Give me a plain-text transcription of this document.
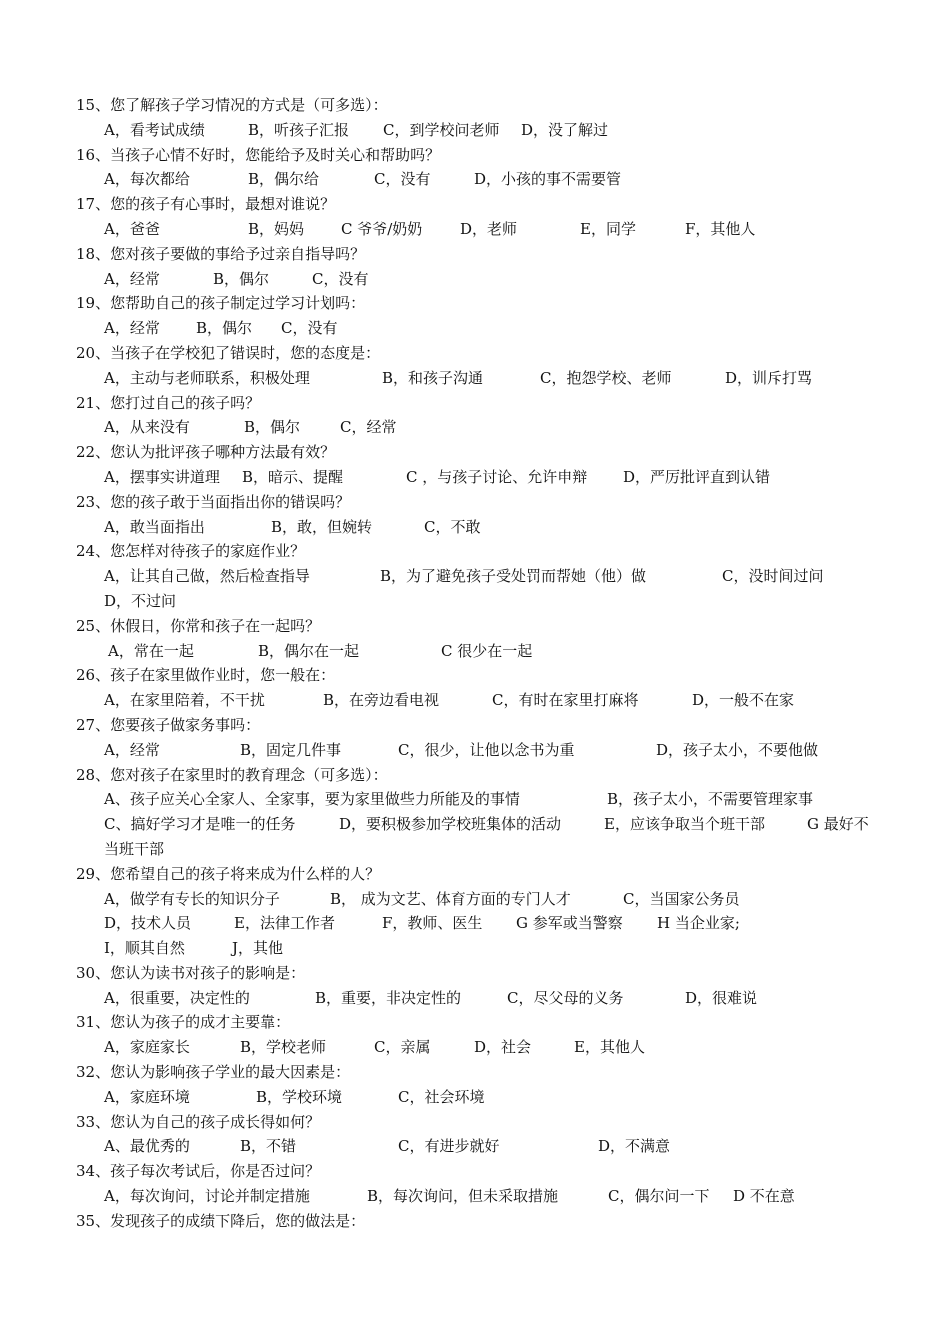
15、您了解孩子学习情况的方式是（可多选）：
A，看考试成绩	B，听孩子汇报 C，到学校问老师 D，没了解过
16、当孩子心情不好时，您能给予及时关心和帮助吗？
A，每次都给	B，偶尔给	C，没有	D，小孩的事不需要管
17、您的孩子有心事时，最想对谁说？
A，爸爸	B，妈妈 C 爷爷/奶奶	D，老师	E，同学	F，其他人
18、您对孩子要做的事给予过亲自指导吗？
A，经常	B，偶尔	C，没有
19、您帮助自己的孩子制定过学习计划吗：
A，经常 B，偶尔 C，没有
20、当孩子在学校犯了错误时，您的态度是：
A，主动与老师联系，积极处理	B，和孩子沟通	C，抱怨学校、老师	D，训斥打骂
21、您打过自己的孩子吗？
A，从来没有	B，偶尔	C，经常
22、您认为批评孩子哪种方法最有效？
A，摆事实讲道理 B，暗示、提醒	C ，与孩子讨论、允许申辩 D，严厉批评直到认错
23、您的孩子敢于当面指出你的错误吗？
A，敢当面指出	B，敢，但婉转	C，不敢
24、您怎样对待孩子的家庭作业？
A，让其自己做，然后检查指导	B，为了避免孩子受处罚而帮她（他）做	C，没时间过问
D，不过问
25、休假日，你常和孩子在一起吗？
A，常在一起	B，偶尔在一起	C 很少在一起
26、孩子在家里做作业时，您一般在：
A，在家里陪着，不干扰	B，在旁边看电视	C，有时在家里打麻将	D，一般不在家
27、您要孩子做家务事吗：
A，经常	B，固定几件事	C，很少，让他以念书为重	D，孩子太小，不要他做
28、您对孩子在家里时的教育理念（可多选）：
A、孩子应关心全家人、全家事，要为家里做些力所能及的事情	B，孩子太小，不需要管理家事
C、搞好学习才是唯一的任务	D，要积极参加学校班集体的活动	E，应该争取当个班干部	G 最好不
当班干部
29、您希望自己的孩子将来成为什么样的人？
A，做学有专长的知识分子	B， 成为文艺、体育方面的专门人才	C，当国家公务员
D，技术人员	E，法律工作者	F，教师、医生 G 参军或当警察 H 当企业家;
I，顺其自然	J，其他
30、您认为读书对孩子的影响是：
A，很重要，决定性的	B，重要，非决定性的	C，尽父母的义务	D，很难说
31、您认为孩子的成才主要靠：
A，家庭家长	B，学校老师	C，亲属	D，社会	E，其他人
32、您认为影响孩子学业的最大因素是：
A，家庭环境	B，学校环境	C，社会环境
33、您认为自己的孩子成长得如何？
A、最优秀的	B，不错	C，有进步就好	D，不满意
34、孩子每次考试后，你是否过问？
A，每次询问，讨论并制定措施	B，每次询问，但未采取措施	C，偶尔问一下 D 不在意
35、发现孩子的成绩下降后，您的做法是：
